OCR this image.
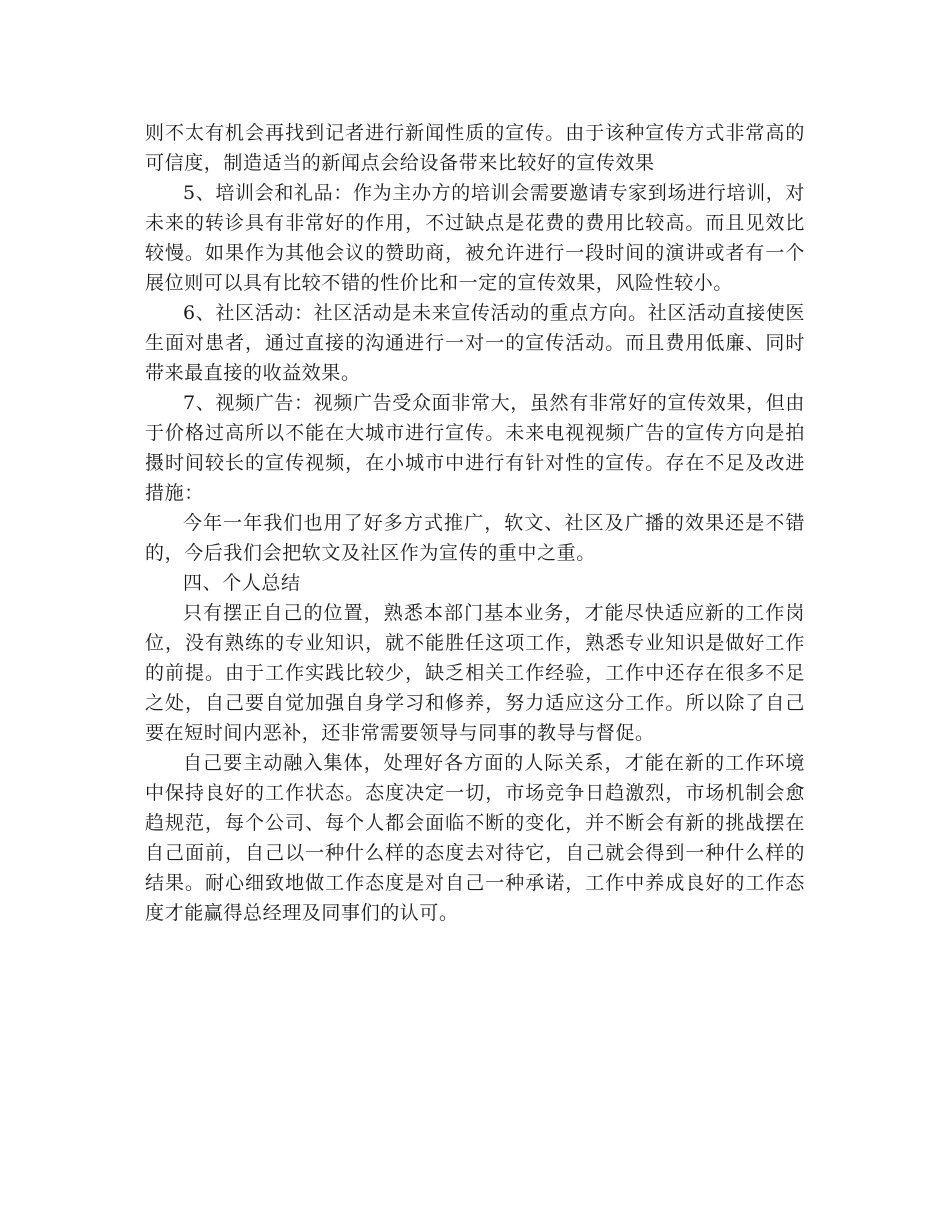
则不太有机会再找到记者进行新闻性质的宣传。由于该种宣传方式非常高的可信度，制造适当的新闻点会给设备带来比较好的宣传效果

5、培训会和礼品：作为主办方的培训会需要邀请专家到场进行培训，对未来的转诊具有非常好的作用，不过缺点是花费的费用比较高。而且见效比较慢。如果作为其他会议的赞助商，被允许进行一段时间的演讲或者有一个展位则可以具有比较不错的性价比和一定的宣传效果，风险性较小。

6、社区活动：社区活动是未来宣传活动的重点方向。社区活动直接使医生面对患者，通过直接的沟通进行一对一的宣传活动。而且费用低廉、同时带来最直接的收益效果。

7、视频广告：视频广告受众面非常大，虽然有非常好的宣传效果，但由于价格过高所以不能在大城市进行宣传。未来电视视频广告的宣传方向是拍摄时间较长的宣传视频，在小城市中进行有针对性的宣传。存在不足及改进措施：

今年一年我们也用了好多方式推广，软文、社区及广播的效果还是不错的，今后我们会把软文及社区作为宣传的重中之重。

四、个人总结

只有摆正自己的位置，熟悉本部门基本业务，才能尽快适应新的工作岗位，没有熟练的专业知识，就不能胜任这项工作，熟悉专业知识是做好工作的前提。由于工作实践比较少，缺乏相关工作经验，工作中还存在很多不足之处，自己要自觉加强自身学习和修养，努力适应这分工作。所以除了自己要在短时间内恶补，还非常需要领导与同事的教导与督促。

自己要主动融入集体，处理好各方面的人际关系，才能在新的工作环境中保持良好的工作状态。态度决定一切，市场竞争日趋激烈，市场机制会愈趋规范，每个公司、每个人都会面临不断的变化，并不断会有新的挑战摆在自己面前，自己以一种什么样的态度去对待它，自己就会得到一种什么样的结果。耐心细致地做工作态度是对自己一种承诺，工作中养成良好的工作态度才能赢得总经理及同事们的认可。
